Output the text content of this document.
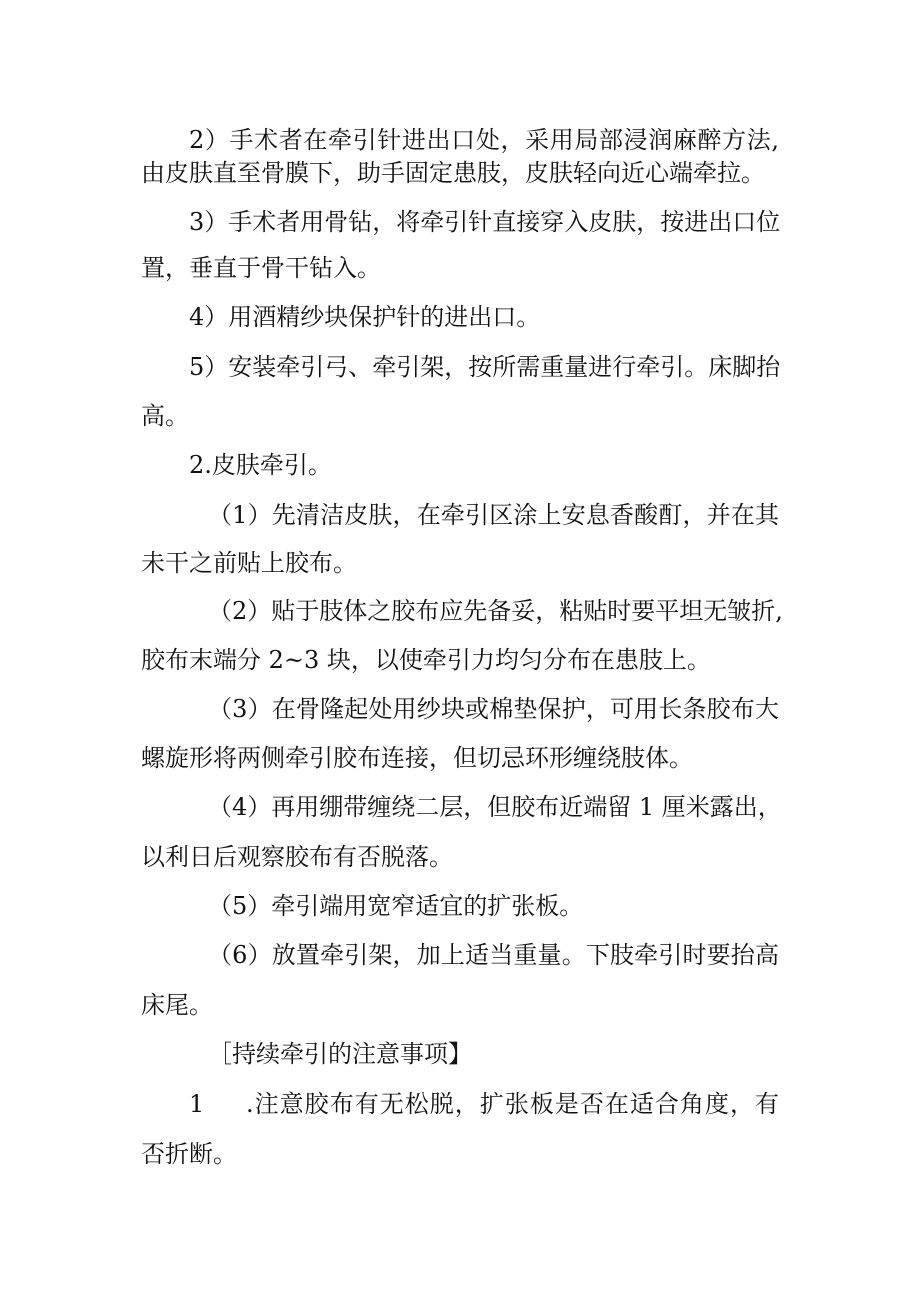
2）手术者在牵引针进出口处，采用局部浸润麻醉方法,
由皮肤直至骨膜下，助手固定患肢，皮肤轻向近心端牵拉。
3）手术者用骨钻，将牵引针直接穿入皮肤，按进出口位
置，垂直于骨干钻入。
4）用酒精纱块保护针的进出口。
5）安装牵引弓、牵引架，按所需重量进行牵引。床脚抬
高。
2.皮肤牵引。
（1）先清洁皮肤，在牵引区涂上安息香酸酊，并在其
未干之前贴上胶布。
（2）贴于肢体之胶布应先备妥，粘贴时要平坦无皱折,
胶布末端分 2~3 块，以使牵引力均匀分布在患肢上。
（3）在骨隆起处用纱块或棉垫保护，可用长条胶布大
螺旋形将两侧牵引胶布连接，但切忌环形缠绕肢体。
（4）再用绷带缠绕二层，但胶布近端留 1 厘米露出，
以利日后观察胶布有否脱落。
（5）牵引端用宽窄适宜的扩张板。
（6）放置牵引架，加上适当重量。下肢牵引时要抬高
床尾。
［持续牵引的注意事项】
1 .注意胶布有无松脱，扩张板是否在适合角度，有
否折断。
